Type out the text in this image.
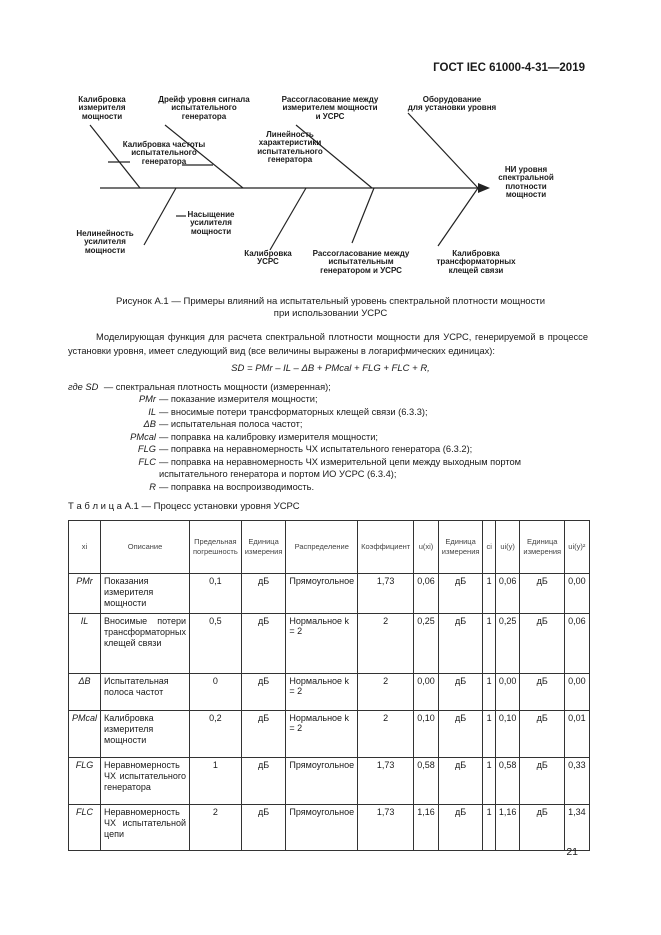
ГОСТ IEC 61000-4-31—2019
Калибровка
измерителя
мощности
Дрейф уровня сигнала
испытательного
генератора
Рассогласование между
измерителем мощности
и УСРС
Оборудование
для установки уровня
Калибровка частоты
испытательного
генератора
Линейность
характеристики
испытательного
генератора
НИ уровня
спектральной
плотности
мощности
Нелинейность
усилителя
мощности
Насыщение
усилителя
мощности
Калибровка
УСРС
Рассогласование между
испытательным
генератором и УСРС
Калибровка
трансформаторных
клещей связи
Рисунок А.1 — Примеры влияний на испытательный уровень спектральной плотности мощности
при использовании УСРС
Моделирующая функция для расчета спектральной плотности мощности для УСРС, генерируемой в процессе установки уровня, имеет следующий вид (все величины выражены в логарифмических единицах):
SD = PMr – IL – ΔB + PMcal + FLG + FLC + R,
где SD
— спектральная плотность мощности (измеренная);
PMr — показание измерителя мощности;
IL — вносимые потери трансформаторных клещей связи (6.3.3);
ΔB — испытательная полоса частот;
PMcal — поправка на калибровку измерителя мощности;
FLG — поправка на неравномерность ЧХ испытательного генератора (6.3.2);
FLC — поправка на неравномерность ЧХ измерительной цепи между выходным портом испытательного генератора и портом ИО УСРС (6.3.4);
R — поправка на воспроизводимость.
Т а б л и ц а А.1 — Процесс установки уровня УСРС
xi	Описание	Предельная погрешность	Единица измерения	Распределение	Коэффициент	u(xi)	Единица измерения	ci	ui(y)	Единица измерения	ui(y)²
PMr	Показания измерителя мощности	0,1	дБ	Прямоугольное	1,73	0,06	дБ	1	0,06	дБ	0,00
IL	Вносимые потери трансформаторных клещей связи	0,5	дБ	Нормальное k = 2	2	0,25	дБ	1	0,25	дБ	0,06
ΔB	Испытательная полоса частот	0	дБ	Нормальное k = 2	2	0,00	дБ	1	0,00	дБ	0,00
PMcal	Калибровка измерителя мощности	0,2	дБ	Нормальное k = 2	2	0,10	дБ	1	0,10	дБ	0,01
FLG	Неравномерность ЧХ испытательного генератора	1	дБ	Прямоугольное	1,73	0,58	дБ	1	0,58	дБ	0,33
FLC	Неравномерность ЧХ испытательной цепи	2	дБ	Прямоугольное	1,73	1,16	дБ	1	1,16	дБ	1,34
21
